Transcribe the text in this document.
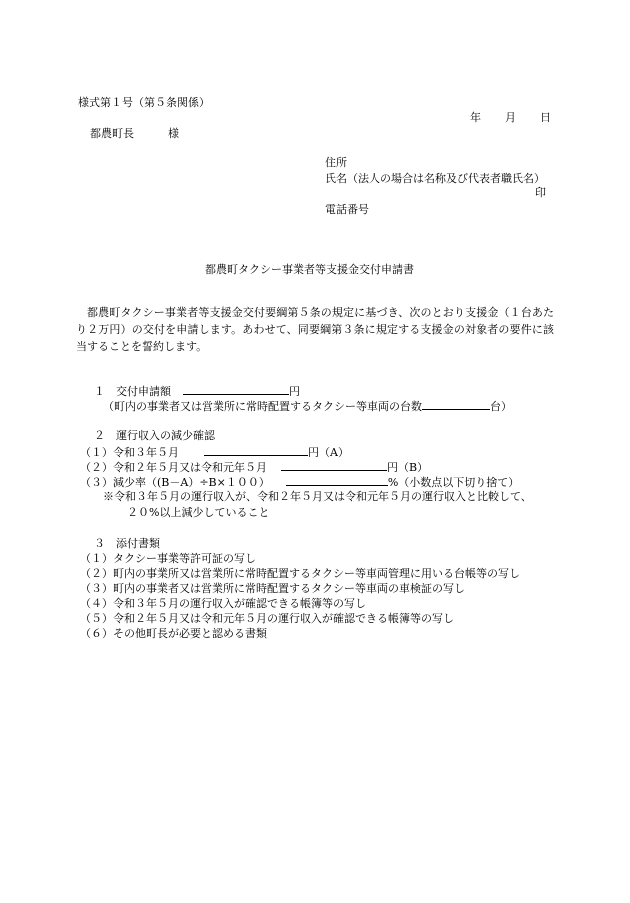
様式第１号（第５条関係）
年 月 日
都農町長	様
住所
氏名（法人の場合は名称及び代表者職氏名）
印
電話番号
都農町タクシー事業者等支援金交付申請書
都農町タクシー事業者等支援金交付要綱第５条の規定に基づき、次のとおり支援金（１台あたり２万円）の交付を申請します。あわせて、同要綱第３条に規定する支援金の対象者の要件に該当することを誓約します。
１　交付申請額	円
（町内の事業者又は営業所に常時配置するタクシー等車両の台数	台）
２　運行収入の減少確認
（１）令和３年５月	円（A）
（２）令和２年５月又は令和元年５月	円（B）
（３）減少率（(B－A）÷B×１００）	%（小数点以下切り捨て）
※令和３年５月の運行収入が、令和２年５月又は令和元年５月の運行収入と比較して、
２０%以上減少していること
３　添付書類
（１）タクシー事業等許可証の写し
（２）町内の事業所又は営業所に常時配置するタクシー等車両管理に用いる台帳等の写し
（３）町内の事業者又は営業所に常時配置するタクシー等車両の車検証の写し
（４）令和３年５月の運行収入が確認できる帳簿等の写し
（５）令和２年５月又は令和元年５月の運行収入が確認できる帳簿等の写し
（６）その他町長が必要と認める書類
